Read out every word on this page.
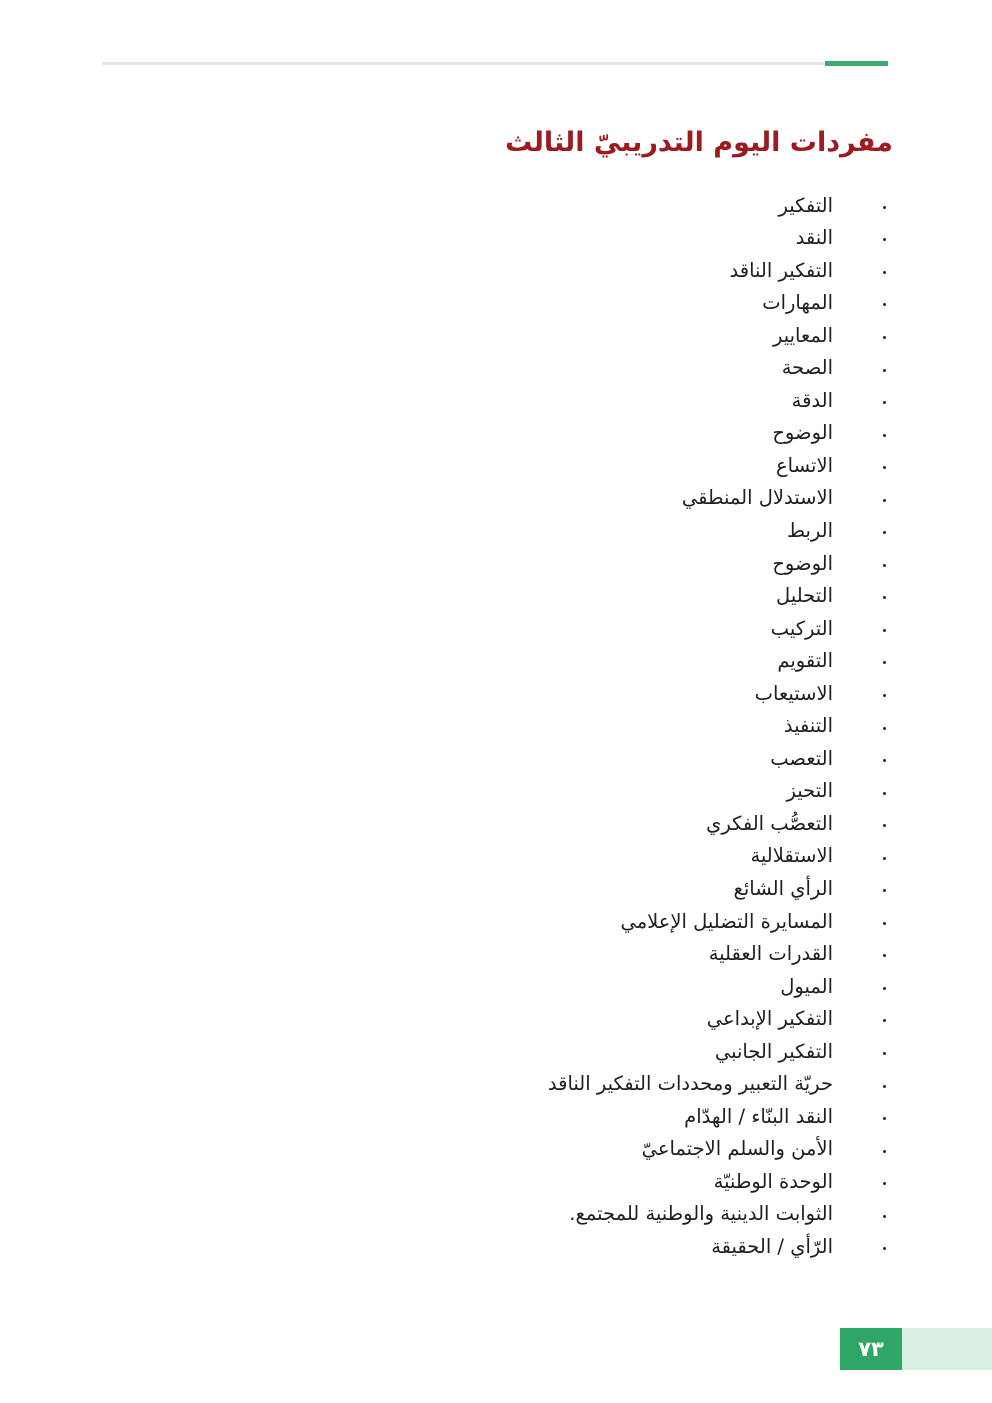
مفردات اليوم التدريبيّ الثالث
التفكير
النقد
التفكير الناقد
المهارات
المعايير
الصحة
الدقة
الوضوح
الاتساع
الاستدلال المنطقي
الربط
الوضوح
التحليل
التركيب
التقويم
الاستيعاب
التنفيذ
التعصب
التحيز
التعصُّب الفكري
الاستقلالية
الرأي الشائع
المسايرة التضليل الإعلامي
القدرات العقلية
الميول
التفكير الإبداعي
التفكير الجانبي
حريّة التعبير ومحددات التفكير الناقد
النقد البنّاء / الهدّام
الأمن والسلم الاجتماعيّ
الوحدة الوطنيّة
الثوابت الدينية والوطنية للمجتمع.
الرّأي / الحقيقة
٧٣
